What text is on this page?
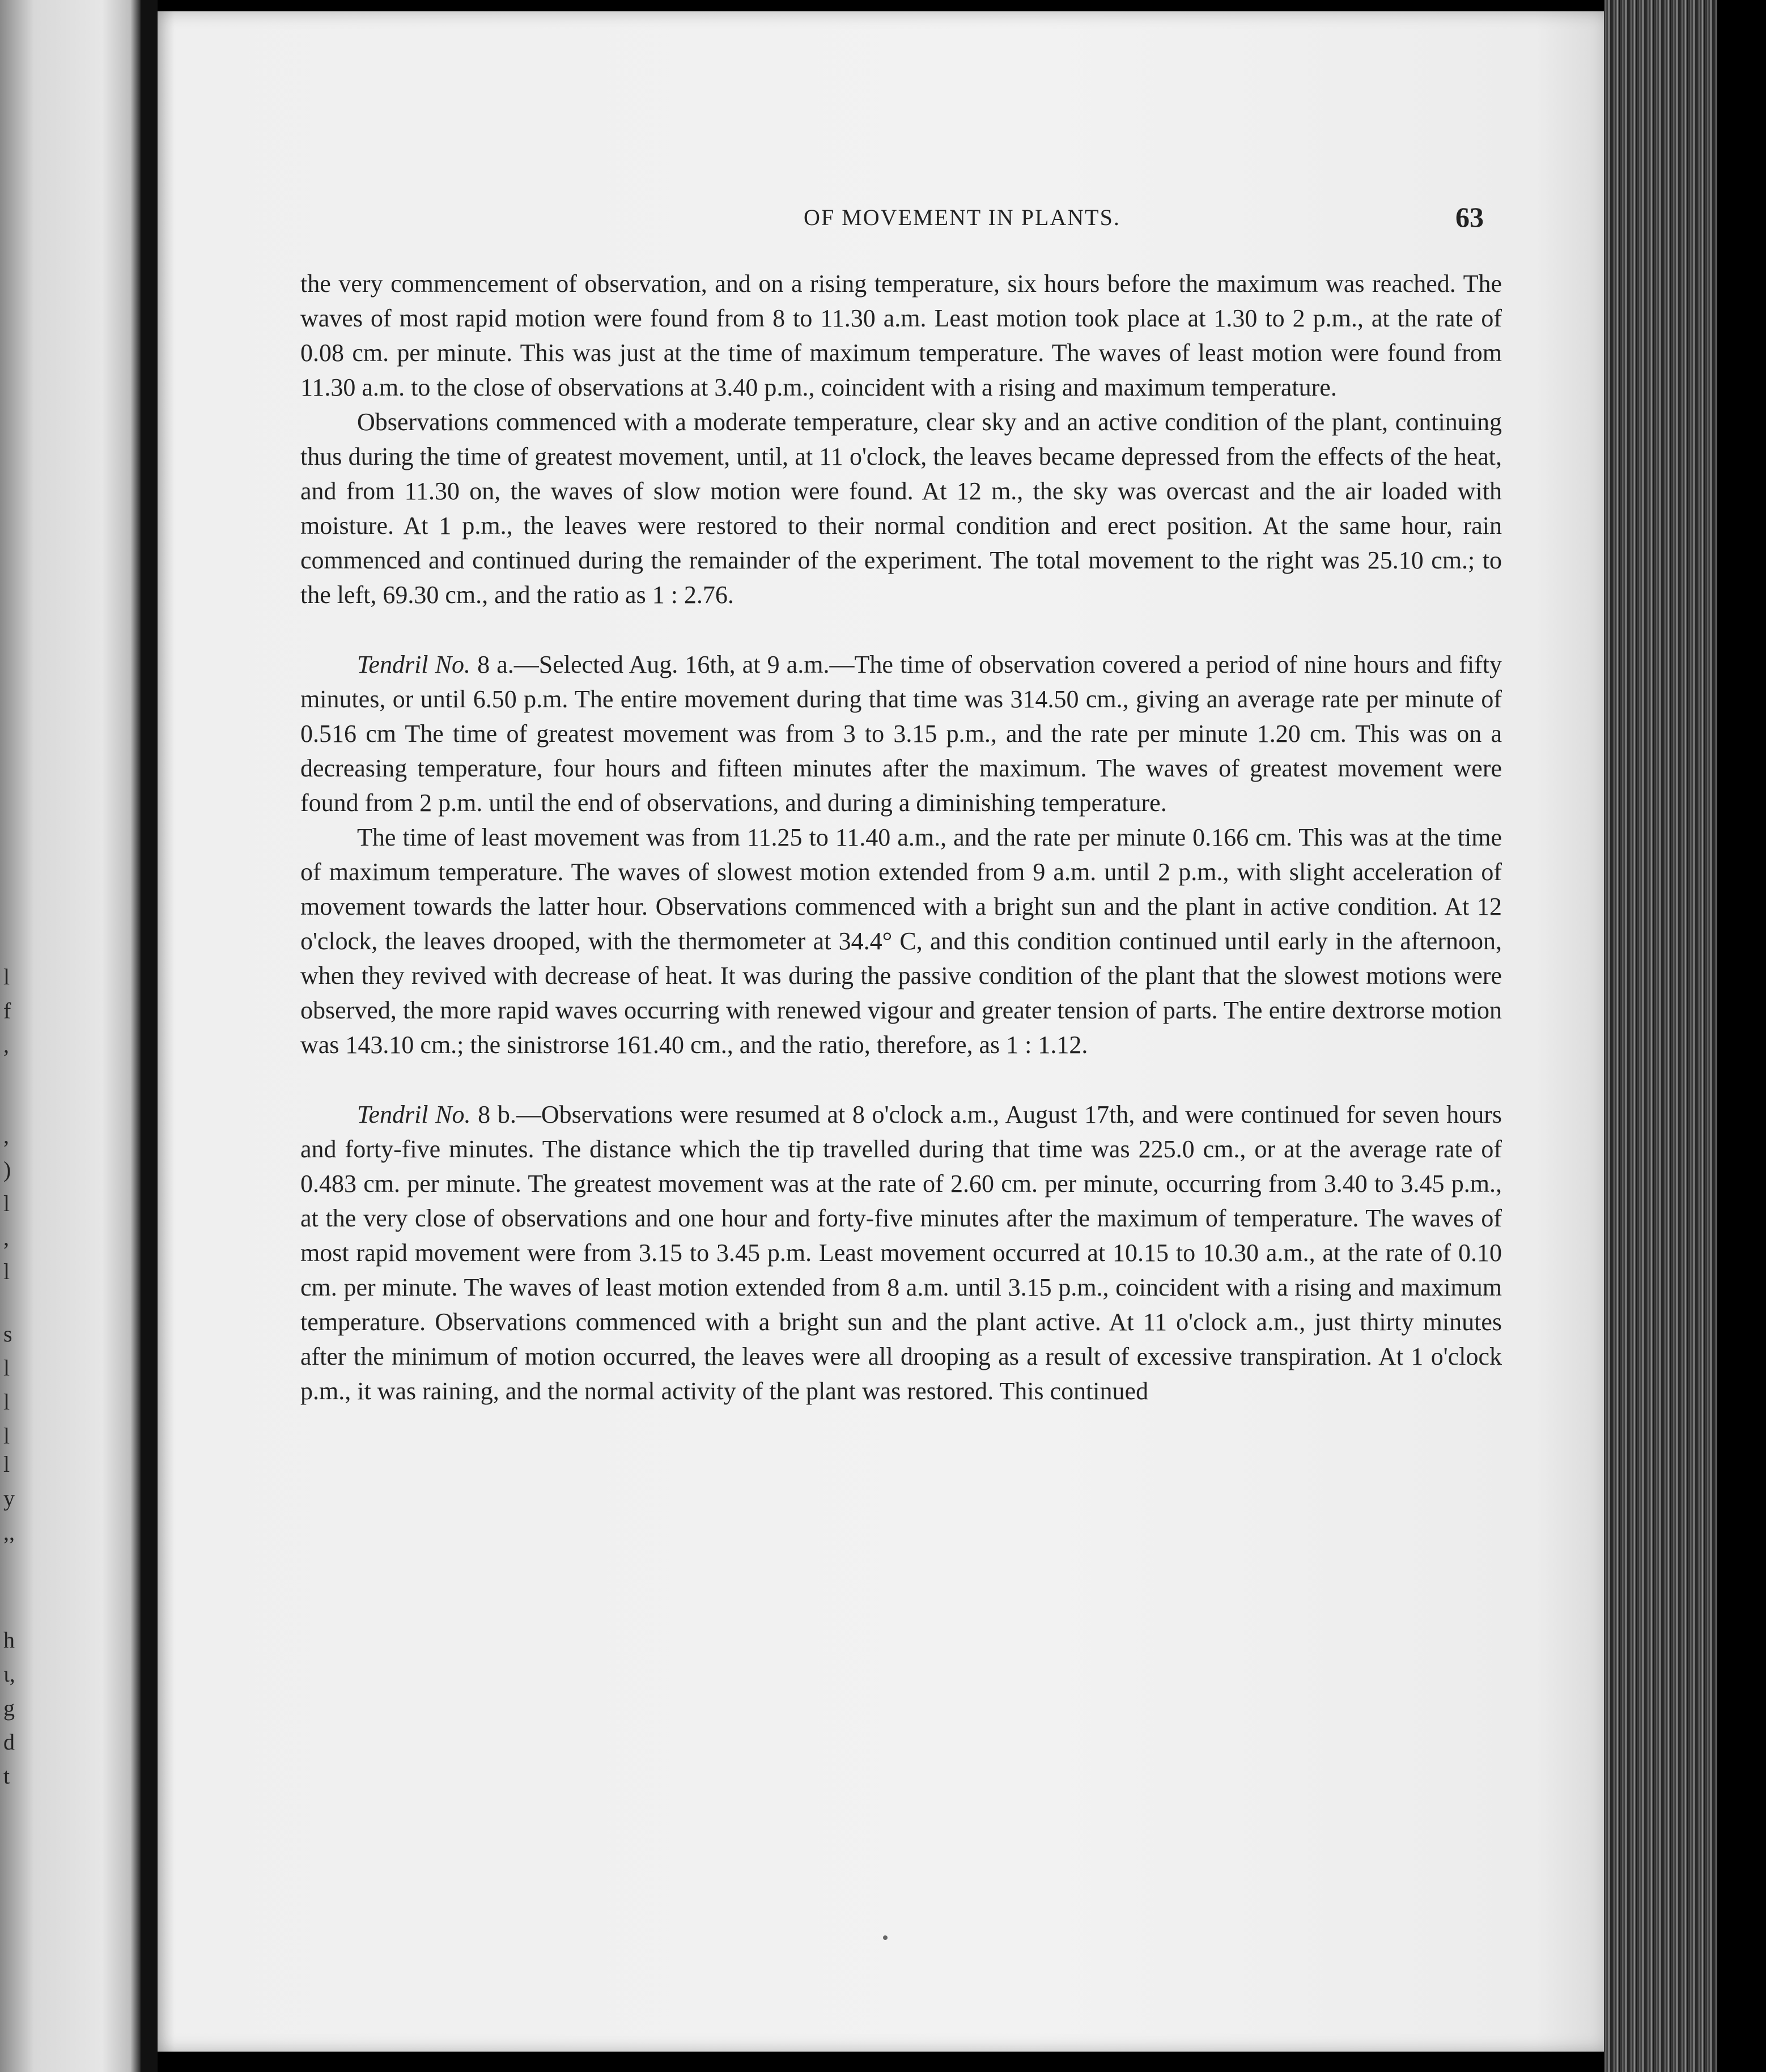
l
f
,
,
)
l
,
l
s
l
l
l
l
y
,,
h
ι,
g
d
t
OF MOVEMENT IN PLANTS.	63

the very commencement of observation, and on a rising temperature, six hours before the maximum was reached. The waves of most rapid motion were found from 8 to 11.30 a.m. Least motion took place at 1.30 to 2 p.m., at the rate of 0.08 cm. per minute. This was just at the time of maximum temperature. The waves of least motion were found from 11.30 a.m. to the close of observations at 3.40 p.m., coincident with a rising and maximum temperature.

Observations commenced with a moderate temperature, clear sky and an active condition of the plant, continuing thus during the time of greatest movement, until, at 11 o'clock, the leaves became depressed from the effects of the heat, and from 11.30 on, the waves of slow motion were found. At 12 m., the sky was overcast and the air loaded with moisture. At 1 p.m., the leaves were restored to their normal condition and erect position. At the same hour, rain commenced and continued during the remainder of the experiment. The total movement to the right was 25.10 cm.; to the left, 69.30 cm., and the ratio as 1 : 2.76.

Tendril No. 8 a.—Selected Aug. 16th, at 9 a.m.—The time of observation covered a period of nine hours and fifty minutes, or until 6.50 p.m. The entire movement during that time was 314.50 cm., giving an average rate per minute of 0.516 cm The time of greatest movement was from 3 to 3.15 p.m., and the rate per minute 1.20 cm. This was on a decreasing temperature, four hours and fifteen minutes after the maximum. The waves of greatest movement were found from 2 p.m. until the end of observations, and during a diminishing temperature.

The time of least movement was from 11.25 to 11.40 a.m., and the rate per minute 0.166 cm. This was at the time of maximum temperature. The waves of slowest motion extended from 9 a.m. until 2 p.m., with slight acceleration of movement towards the latter hour. Observations commenced with a bright sun and the plant in active condition. At 12 o'clock, the leaves drooped, with the thermometer at 34.4° C, and this condition continued until early in the afternoon, when they revived with decrease of heat. It was during the passive condition of the plant that the slowest motions were observed, the more rapid waves occurring with renewed vigour and greater tension of parts. The entire dextrorse motion was 143.10 cm.; the sinistrorse 161.40 cm., and the ratio, therefore, as 1 : 1.12.

Tendril No. 8 b.—Observations were resumed at 8 o'clock a.m., August 17th, and were continued for seven hours and forty-five minutes. The distance which the tip travelled during that time was 225.0 cm., or at the average rate of 0.483 cm. per minute. The greatest movement was at the rate of 2.60 cm. per minute, occurring from 3.40 to 3.45 p.m., at the very close of observations and one hour and forty-five minutes after the maximum of temperature. The waves of most rapid movement were from 3.15 to 3.45 p.m. Least movement occurred at 10.15 to 10.30 a.m., at the rate of 0.10 cm. per minute. The waves of least motion extended from 8 a.m. until 3.15 p.m., coincident with a rising and maximum temperature. Observations commenced with a bright sun and the plant active. At 11 o'clock a.m., just thirty minutes after the minimum of motion occurred, the leaves were all drooping as a result of excessive transpiration. At 1 o'clock p.m., it was raining, and the normal activity of the plant was restored. This continued
